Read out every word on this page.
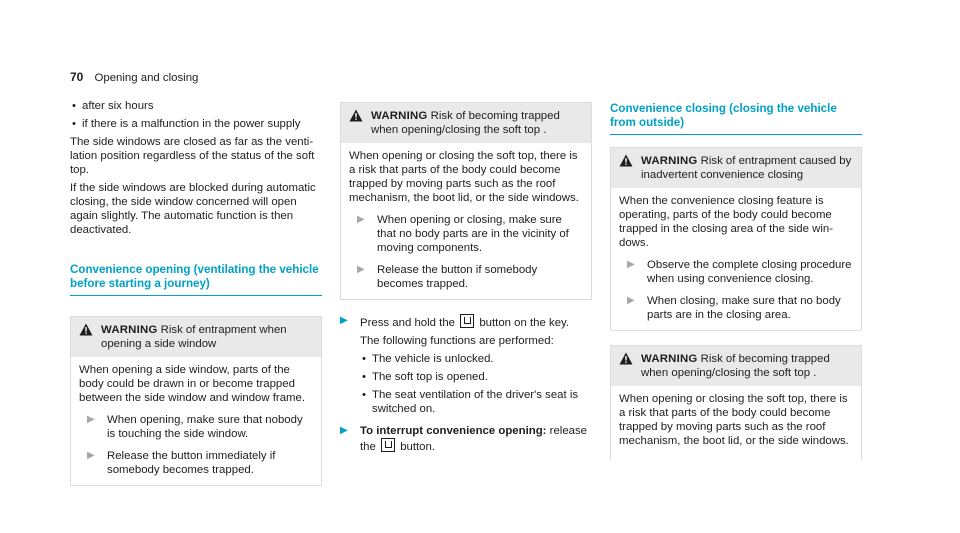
70 Opening and closing
• after six hours
• if there is a malfunction in the power supply

The side windows are closed as far as the ventilation position regardless of the status of the soft top.

If the side windows are blocked during automatic closing, the side window concerned will open again slightly. The automatic function is then deactivated.

Convenience opening (ventilating the vehicle before starting a journey)
WARNING Risk of entrapment when opening a side window

When opening a side window, parts of the body could be drawn in or become trapped between the side window and window frame.

▶	When opening, make sure that nobody is touching the side window.
▶	Release the button immediately if somebody becomes trapped.
WARNING Risk of becoming trapped when opening/closing the soft top .

When opening or closing the soft top, there is a risk that parts of the body could become trapped by moving parts such as the roof mechanism, the boot lid, or the side windows.

▶	When opening or closing, make sure that no body parts are in the vicinity of moving components.
▶	Release the button if somebody becomes trapped.
▶	Press and hold the button on the key.

The following functions are performed:

• The vehicle is unlocked.
• The soft top is opened.
• The seat ventilation of the driver's seat is switched on.
▶	To interrupt convenience opening: release the button.

Convenience closing (closing the vehicle from outside)
WARNING Risk of entrapment caused by inadvertent convenience closing

When the convenience closing feature is operating, parts of the body could become trapped in the closing area of the side windows.

▶	Observe the complete closing procedure when using convenience closing.
▶	When closing, make sure that no body parts are in the closing area.
WARNING Risk of becoming trapped when opening/closing the soft top .

When opening or closing the soft top, there is a risk that parts of the body could become trapped by moving parts such as the roof mechanism, the boot lid, or the side windows.
